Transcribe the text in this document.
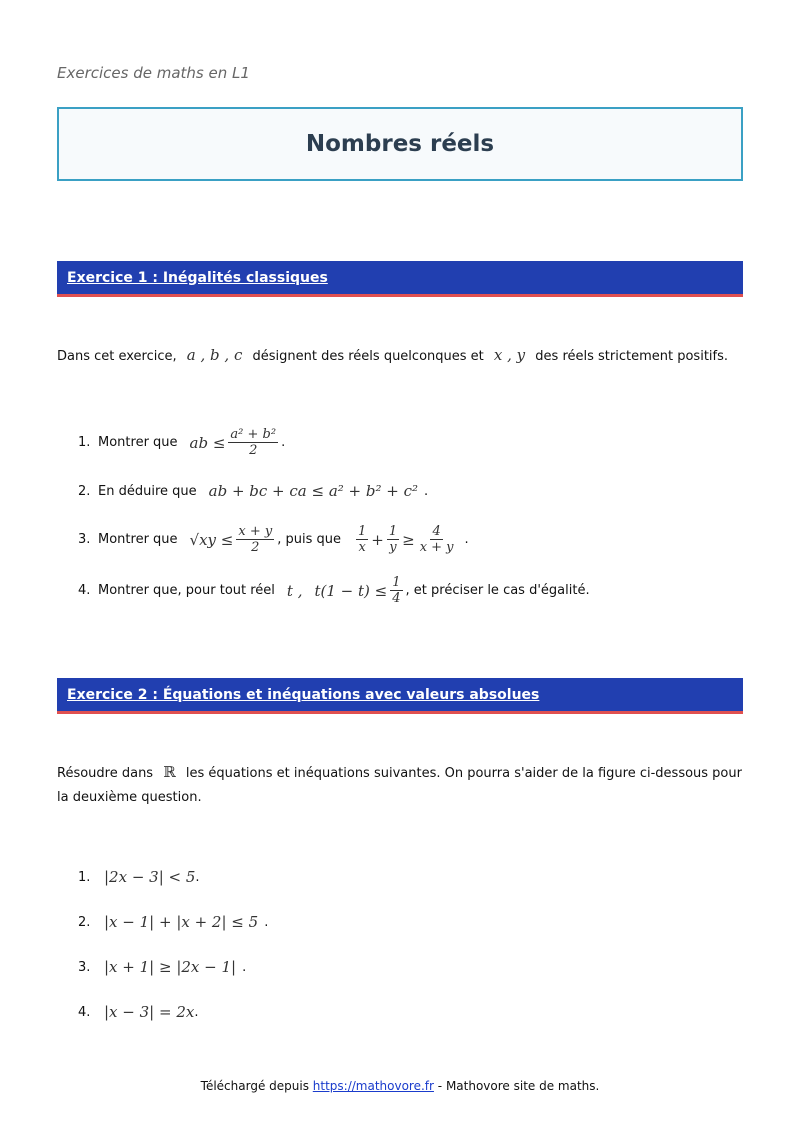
Exercices de maths en L1
Nombres réels
Exercice 1 : Inégalités classiques
Dans cet exercice, a , b , c désignent des réels quelconques et x , y des réels strictement positifs.
1. Montrer que ab ≤ $\frac{\text{a² + b²}}{2}$ .
2. En déduire que ab + bc + ca ≤ a² + b² + c² .
3. Montrer que $√xy \le \frac{x + y}{2}$ , puis que $\frac{1}{x} + \frac{1}{y} \ge \frac{4}{x + y}$ .
4. Montrer que, pour tout réel t , $t(1 - t) \le \frac{1}{4}$ , et préciser le cas d'égalité.
Exercice 2 : Équations et inéquations avec valeurs absolues
Résoudre dans ℝ les équations et inéquations suivantes. On pourra s'aider de la figure ci-dessous pour la deuxième question.
1. |2x − 3| < 5 .
2. |x − 1| + |x + 2| ≤ 5 .
3. |x + 1| ≥ |2x − 1| .
4. |x − 3| = 2x .
Téléchargé depuis https://mathovore.fr - Mathovore site de maths.
